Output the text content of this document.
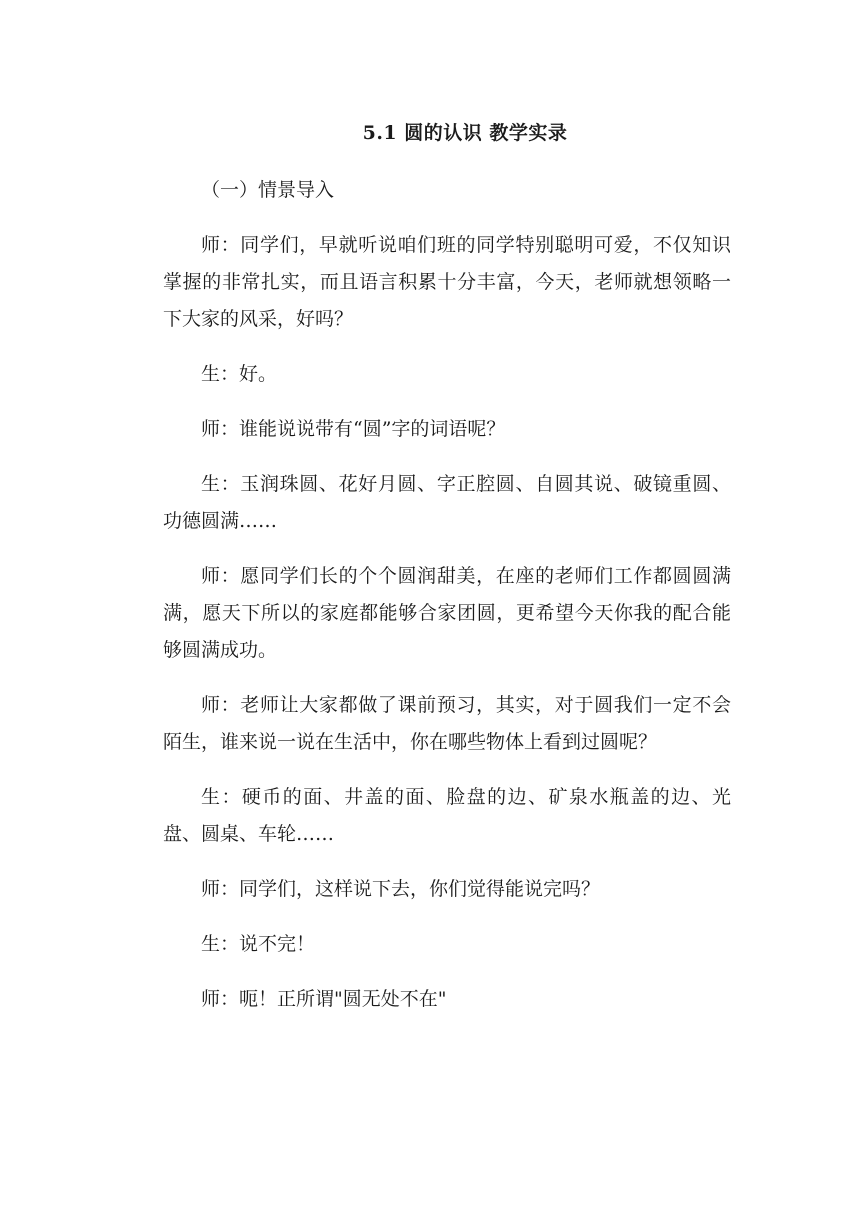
5.1 圆的认识 教学实录

（一）情景导入

师：同学们，早就听说咱们班的同学特别聪明可爱，不仅知识掌握的非常扎实，而且语言积累十分丰富，今天，老师就想领略一下大家的风采，好吗？

生：好。

师：谁能说说带有“圆”字的词语呢？

生：玉润珠圆、花好月圆、字正腔圆、自圆其说、破镜重圆、功德圆满……

师：愿同学们长的个个圆润甜美，在座的老师们工作都圆圆满满，愿天下所以的家庭都能够合家团圆，更希望今天你我的配合能够圆满成功。

师：老师让大家都做了课前预习，其实，对于圆我们一定不会陌生，谁来说一说在生活中，你在哪些物体上看到过圆呢？

生：硬币的面、井盖的面、脸盘的边、矿泉水瓶盖的边、光盘、圆桌、车轮……

师：同学们，这样说下去，你们觉得能说完吗？

生：说不完！

师：呃！正所谓"圆无处不在"
